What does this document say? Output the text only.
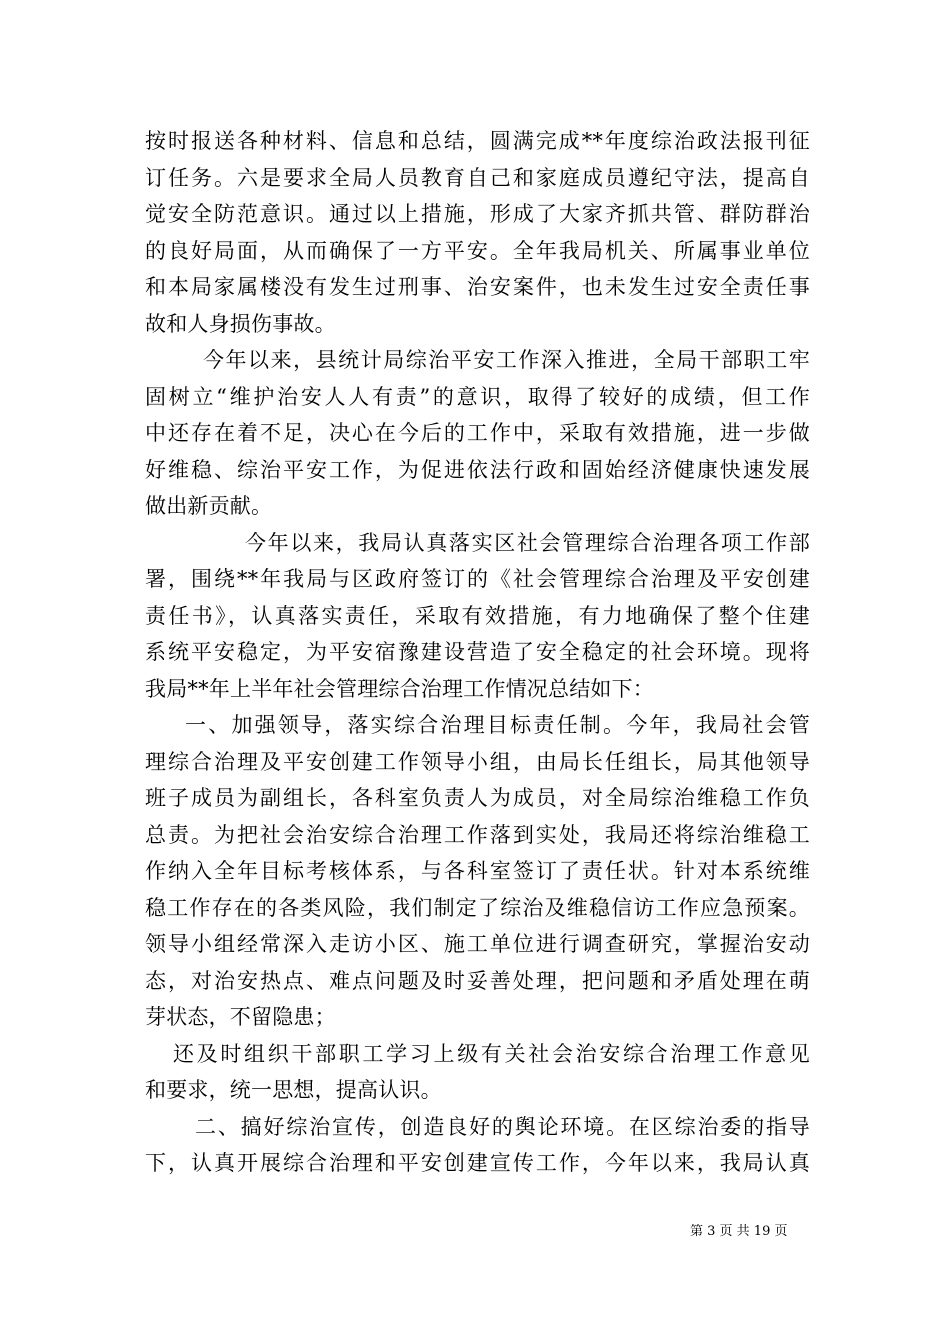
按时报送各种材料、信息和总结，圆满完成**年度综治政法报刊征
订任务。六是要求全局人员教育自己和家庭成员遵纪守法，提高自
觉安全防范意识。通过以上措施，形成了大家齐抓共管、群防群治
的良好局面，从而确保了一方平安。全年我局机关、所属事业单位
和本局家属楼没有发生过刑事、治安案件，也未发生过安全责任事
故和人身损伤事故。
今年以来，县统计局综治平安工作深入推进，全局干部职工牢
固树立“维护治安人人有责”的意识，取得了较好的成绩，但工作
中还存在着不足，决心在今后的工作中，采取有效措施，进一步做
好维稳、综治平安工作，为促进依法行政和固始经济健康快速发展
做出新贡献。
今年以来，我局认真落实区社会管理综合治理各项工作部
署，围绕**年我局与区政府签订的《社会管理综合治理及平安创建
责任书》，认真落实责任，采取有效措施，有力地确保了整个住建
系统平安稳定，为平安宿豫建设营造了安全稳定的社会环境。现将
我局**年上半年社会管理综合治理工作情况总结如下：
一、加强领导，落实综合治理目标责任制。今年，我局社会管
理综合治理及平安创建工作领导小组，由局长任组长，局其他领导
班子成员为副组长，各科室负责人为成员，对全局综治维稳工作负
总责。为把社会治安综合治理工作落到实处，我局还将综治维稳工
作纳入全年目标考核体系，与各科室签订了责任状。针对本系统维
稳工作存在的各类风险，我们制定了综治及维稳信访工作应急预案。
领导小组经常深入走访小区、施工单位进行调查研究，掌握治安动
态，对治安热点、难点问题及时妥善处理，把问题和矛盾处理在萌
芽状态，不留隐患；
还及时组织干部职工学习上级有关社会治安综合治理工作意见
和要求，统一思想，提高认识。
二、搞好综治宣传，创造良好的舆论环境。在区综治委的指导
下，认真开展综合治理和平安创建宣传工作，今年以来，我局认真
第 3 页 共 19 页
